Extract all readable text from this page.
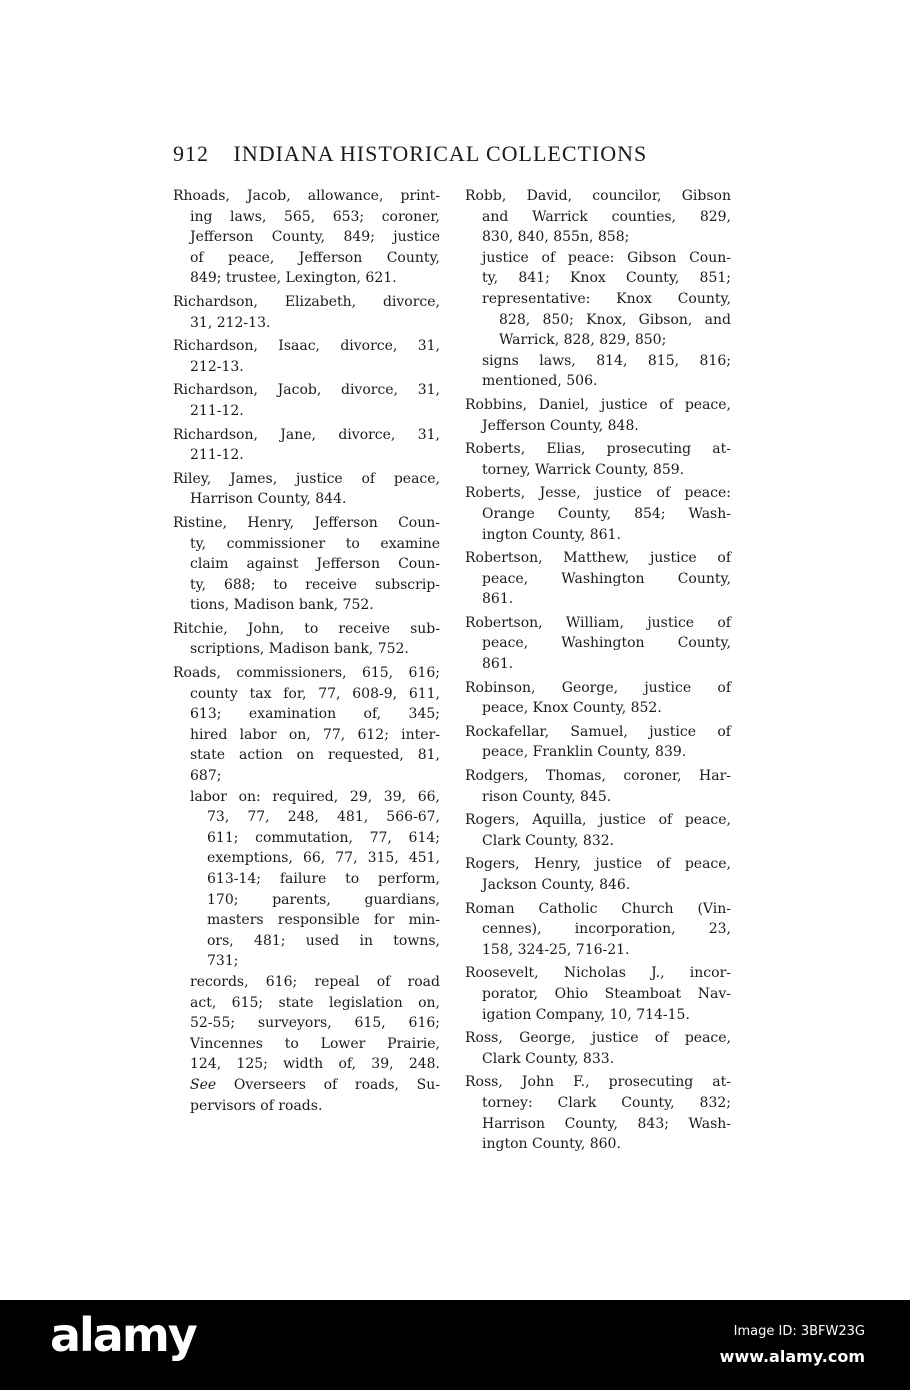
912 INDIANA HISTORICAL COLLECTIONS
Rhoads, Jacob, allowance, print-
ing laws, 565, 653; coroner,
Jefferson County, 849; justice
of peace, Jefferson County,
849; trustee, Lexington, 621.
Richardson, Elizabeth, divorce,
31, 212-13.
Richardson, Isaac, divorce, 31,
212-13.
Richardson, Jacob, divorce, 31,
211-12.
Richardson, Jane, divorce, 31,
211-12.
Riley, James, justice of peace,
Harrison County, 844.
Ristine, Henry, Jefferson Coun-
ty, commissioner to examine
claim against Jefferson Coun-
ty, 688; to receive subscrip-
tions, Madison bank, 752.
Ritchie, John, to receive sub-
scriptions, Madison bank, 752.
Roads, commissioners, 615, 616;
county tax for, 77, 608-9, 611,
613; examination of, 345;
hired labor on, 77, 612; inter-
state action on requested, 81,
687;
labor on: required, 29, 39, 66,
73, 77, 248, 481, 566-67,
611; commutation, 77, 614;
exemptions, 66, 77, 315, 451,
613-14; failure to perform,
170; parents, guardians,
masters responsible for min-
ors, 481; used in towns,
731;
records, 616; repeal of road
act, 615; state legislation on,
52-55; surveyors, 615, 616;
Vincennes to Lower Prairie,
124, 125; width of, 39, 248.
See Overseers of roads, Su-
pervisors of roads.
Robb, David, councilor, Gibson
and Warrick counties, 829,
830, 840, 855n, 858;
justice of peace: Gibson Coun-
ty, 841; Knox County, 851;
representative: Knox County,
828, 850; Knox, Gibson, and
Warrick, 828, 829, 850;
signs laws, 814, 815, 816;
mentioned, 506.
Robbins, Daniel, justice of peace,
Jefferson County, 848.
Roberts, Elias, prosecuting at-
torney, Warrick County, 859.
Roberts, Jesse, justice of peace:
Orange County, 854; Wash-
ington County, 861.
Robertson, Matthew, justice of
peace, Washington County,
861.
Robertson, William, justice of
peace, Washington County,
861.
Robinson, George, justice of
peace, Knox County, 852.
Rockafellar, Samuel, justice of
peace, Franklin County, 839.
Rodgers, Thomas, coroner, Har-
rison County, 845.
Rogers, Aquilla, justice of peace,
Clark County, 832.
Rogers, Henry, justice of peace,
Jackson County, 846.
Roman Catholic Church (Vin-
cennes), incorporation, 23,
158, 324-25, 716-21.
Roosevelt, Nicholas J., incor-
porator, Ohio Steamboat Nav-
igation Company, 10, 714-15.
Ross, George, justice of peace,
Clark County, 833.
Ross, John F., prosecuting at-
torney: Clark County, 832;
Harrison County, 843; Wash-
ington County, 860.
alamy	Image ID: 3BFW23G
www.alamy.com
